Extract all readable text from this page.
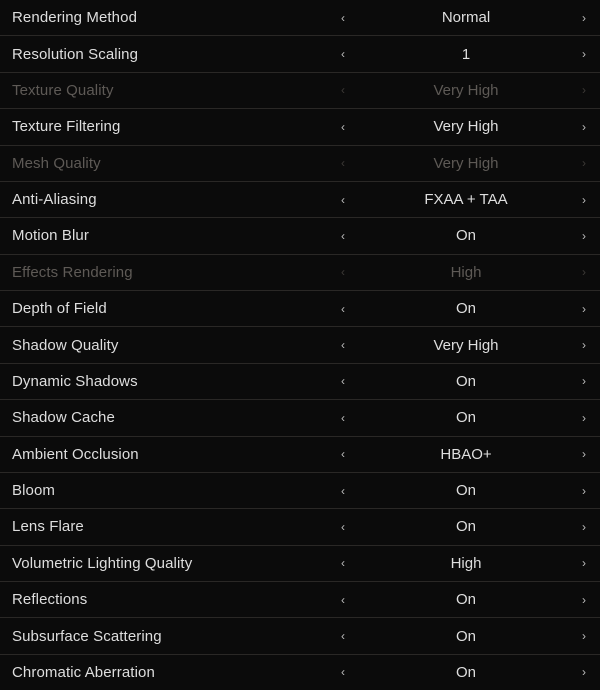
Rendering Method	‹	Normal	›
Resolution Scaling	‹	1	›
Texture Quality	‹	Very High	›
Texture Filtering	‹	Very High	›
Mesh Quality	‹	Very High	›
Anti-Aliasing	‹	FXAA + TAA	›
Motion Blur	‹	On	›
Effects Rendering	‹	High	›
Depth of Field	‹	On	›
Shadow Quality	‹	Very High	›
Dynamic Shadows	‹	On	›
Shadow Cache	‹	On	›
Ambient Occlusion	‹	HBAO+	›
Bloom	‹	On	›
Lens Flare	‹	On	›
Volumetric Lighting Quality	‹	High	›
Reflections	‹	On	›
Subsurface Scattering	‹	On	›
Chromatic Aberration	‹	On	›
